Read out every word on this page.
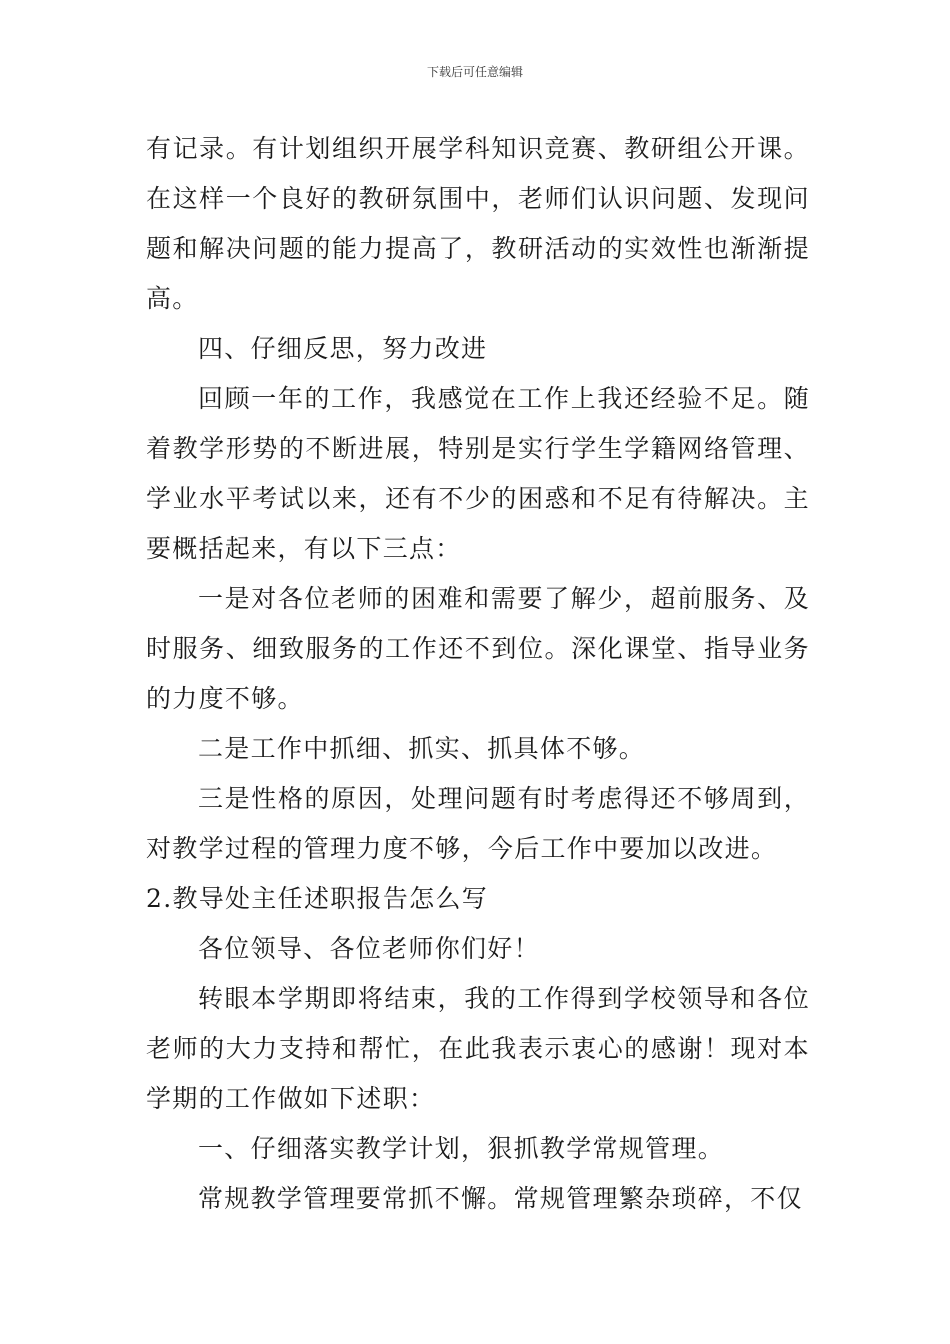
下载后可任意编辑

有记录。有计划组织开展学科知识竞赛、教研组公开课。在这样一个良好的教研氛围中，老师们认识问题、发现问题和解决问题的能力提高了，教研活动的实效性也渐渐提高。

四、仔细反思，努力改进

回顾一年的工作，我感觉在工作上我还经验不足。随着教学形势的不断进展，特别是实行学生学籍网络管理、学业水平考试以来，还有不少的困惑和不足有待解决。主要概括起来，有以下三点：

一是对各位老师的困难和需要了解少，超前服务、及时服务、细致服务的工作还不到位。深化课堂、指导业务的力度不够。

二是工作中抓细、抓实、抓具体不够。

三是性格的原因，处理问题有时考虑得还不够周到，对教学过程的管理力度不够，今后工作中要加以改进。

2.教导处主任述职报告怎么写

各位领导、各位老师你们好！

转眼本学期即将结束，我的工作得到学校领导和各位老师的大力支持和帮忙，在此我表示衷心的感谢！现对本学期的工作做如下述职：

一、仔细落实教学计划，狠抓教学常规管理。

常规教学管理要常抓不懈。常规管理繁杂琐碎，不仅
